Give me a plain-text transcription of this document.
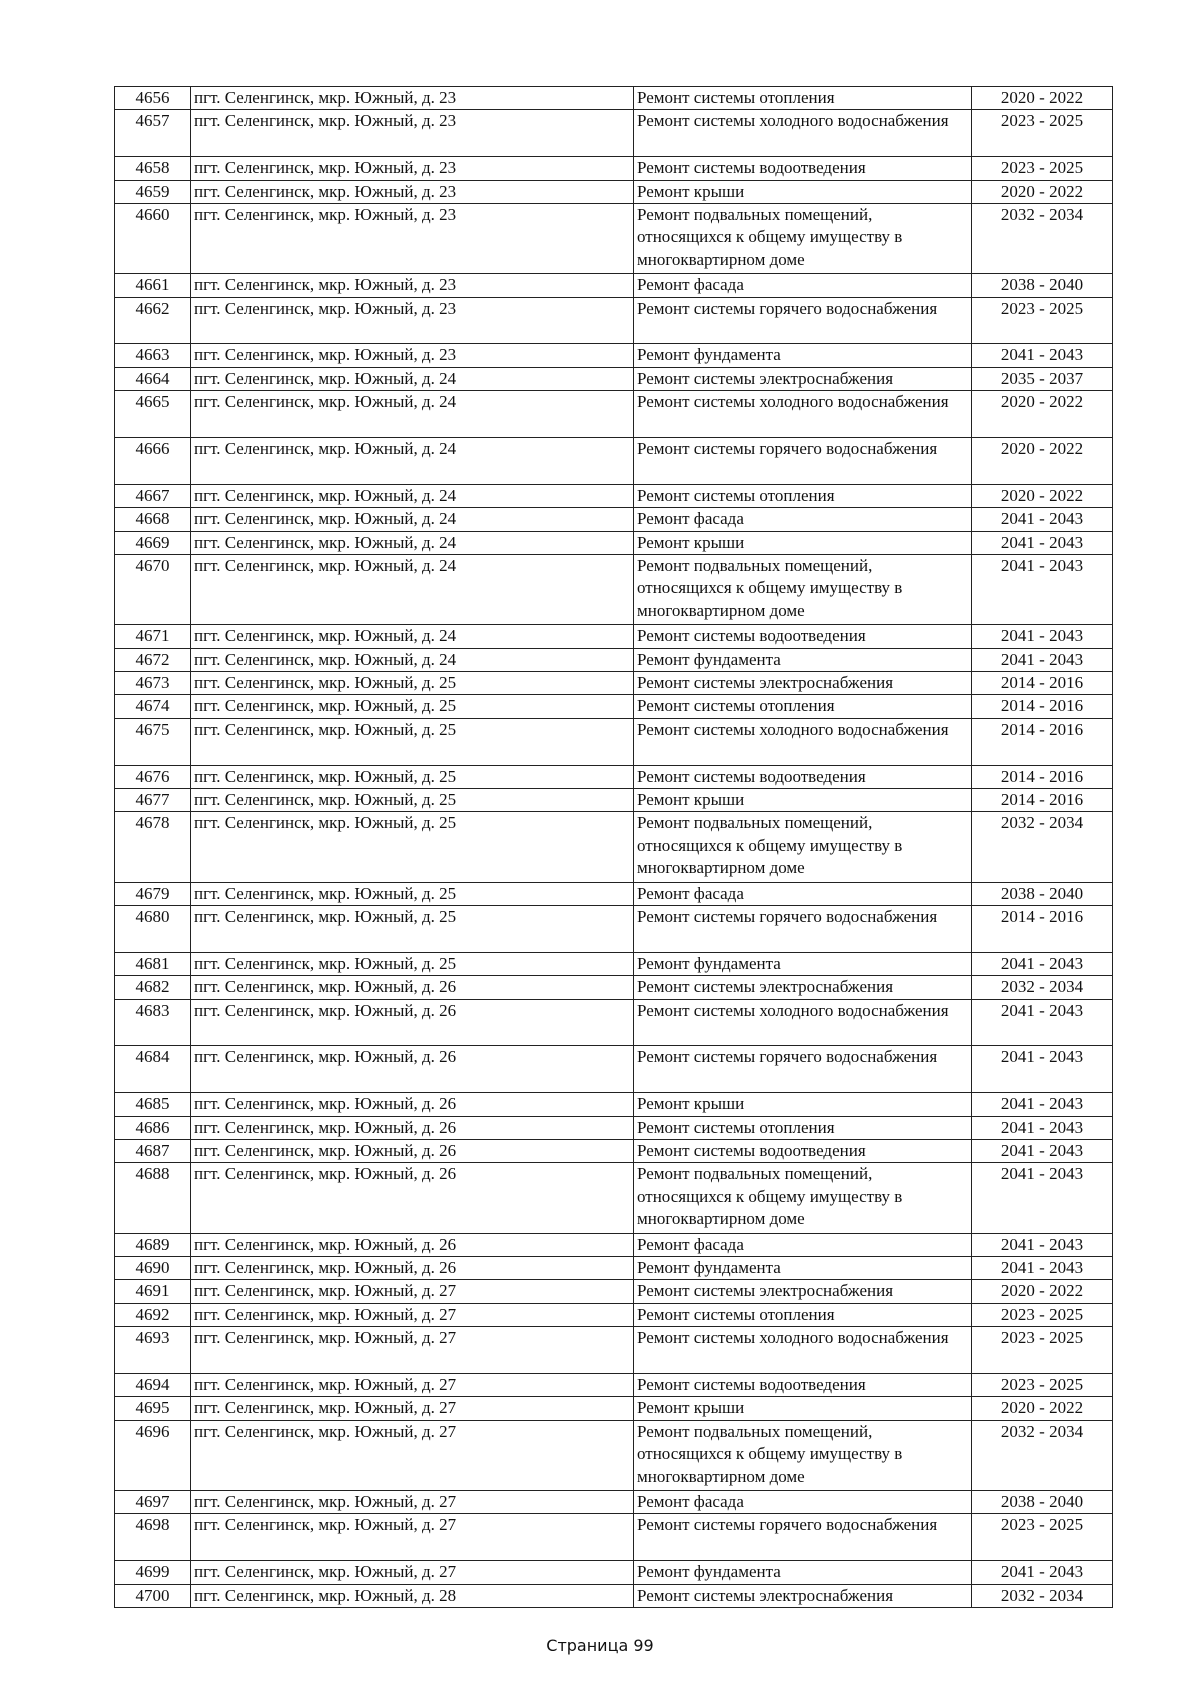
4656	пгт. Селенгинск, мкр. Южный, д. 23	Ремонт системы отопления	2020 - 2022
4657	пгт. Селенгинск, мкр. Южный, д. 23	Ремонт системы холодного водоснабжения	2023 - 2025
4658	пгт. Селенгинск, мкр. Южный, д. 23	Ремонт системы водоотведения	2023 - 2025
4659	пгт. Селенгинск, мкр. Южный, д. 23	Ремонт крыши	2020 - 2022
4660	пгт. Селенгинск, мкр. Южный, д. 23	Ремонт подвальных помещений,
относящихся к общему имуществу в
многоквартирном доме	2032 - 2034
4661	пгт. Селенгинск, мкр. Южный, д. 23	Ремонт фасада	2038 - 2040
4662	пгт. Селенгинск, мкр. Южный, д. 23	Ремонт системы горячего водоснабжения	2023 - 2025
4663	пгт. Селенгинск, мкр. Южный, д. 23	Ремонт фундамента	2041 - 2043
4664	пгт. Селенгинск, мкр. Южный, д. 24	Ремонт системы электроснабжения	2035 - 2037
4665	пгт. Селенгинск, мкр. Южный, д. 24	Ремонт системы холодного водоснабжения	2020 - 2022
4666	пгт. Селенгинск, мкр. Южный, д. 24	Ремонт системы горячего водоснабжения	2020 - 2022
4667	пгт. Селенгинск, мкр. Южный, д. 24	Ремонт системы отопления	2020 - 2022
4668	пгт. Селенгинск, мкр. Южный, д. 24	Ремонт фасада	2041 - 2043
4669	пгт. Селенгинск, мкр. Южный, д. 24	Ремонт крыши	2041 - 2043
4670	пгт. Селенгинск, мкр. Южный, д. 24	Ремонт подвальных помещений,
относящихся к общему имуществу в
многоквартирном доме	2041 - 2043
4671	пгт. Селенгинск, мкр. Южный, д. 24	Ремонт системы водоотведения	2041 - 2043
4672	пгт. Селенгинск, мкр. Южный, д. 24	Ремонт фундамента	2041 - 2043
4673	пгт. Селенгинск, мкр. Южный, д. 25	Ремонт системы электроснабжения	2014 - 2016
4674	пгт. Селенгинск, мкр. Южный, д. 25	Ремонт системы отопления	2014 - 2016
4675	пгт. Селенгинск, мкр. Южный, д. 25	Ремонт системы холодного водоснабжения	2014 - 2016
4676	пгт. Селенгинск, мкр. Южный, д. 25	Ремонт системы водоотведения	2014 - 2016
4677	пгт. Селенгинск, мкр. Южный, д. 25	Ремонт крыши	2014 - 2016
4678	пгт. Селенгинск, мкр. Южный, д. 25	Ремонт подвальных помещений,
относящихся к общему имуществу в
многоквартирном доме	2032 - 2034
4679	пгт. Селенгинск, мкр. Южный, д. 25	Ремонт фасада	2038 - 2040
4680	пгт. Селенгинск, мкр. Южный, д. 25	Ремонт системы горячего водоснабжения	2014 - 2016
4681	пгт. Селенгинск, мкр. Южный, д. 25	Ремонт фундамента	2041 - 2043
4682	пгт. Селенгинск, мкр. Южный, д. 26	Ремонт системы электроснабжения	2032 - 2034
4683	пгт. Селенгинск, мкр. Южный, д. 26	Ремонт системы холодного водоснабжения	2041 - 2043
4684	пгт. Селенгинск, мкр. Южный, д. 26	Ремонт системы горячего водоснабжения	2041 - 2043
4685	пгт. Селенгинск, мкр. Южный, д. 26	Ремонт крыши	2041 - 2043
4686	пгт. Селенгинск, мкр. Южный, д. 26	Ремонт системы отопления	2041 - 2043
4687	пгт. Селенгинск, мкр. Южный, д. 26	Ремонт системы водоотведения	2041 - 2043
4688	пгт. Селенгинск, мкр. Южный, д. 26	Ремонт подвальных помещений,
относящихся к общему имуществу в
многоквартирном доме	2041 - 2043
4689	пгт. Селенгинск, мкр. Южный, д. 26	Ремонт фасада	2041 - 2043
4690	пгт. Селенгинск, мкр. Южный, д. 26	Ремонт фундамента	2041 - 2043
4691	пгт. Селенгинск, мкр. Южный, д. 27	Ремонт системы электроснабжения	2020 - 2022
4692	пгт. Селенгинск, мкр. Южный, д. 27	Ремонт системы отопления	2023 - 2025
4693	пгт. Селенгинск, мкр. Южный, д. 27	Ремонт системы холодного водоснабжения	2023 - 2025
4694	пгт. Селенгинск, мкр. Южный, д. 27	Ремонт системы водоотведения	2023 - 2025
4695	пгт. Селенгинск, мкр. Южный, д. 27	Ремонт крыши	2020 - 2022
4696	пгт. Селенгинск, мкр. Южный, д. 27	Ремонт подвальных помещений,
относящихся к общему имуществу в
многоквартирном доме	2032 - 2034
4697	пгт. Селенгинск, мкр. Южный, д. 27	Ремонт фасада	2038 - 2040
4698	пгт. Селенгинск, мкр. Южный, д. 27	Ремонт системы горячего водоснабжения	2023 - 2025
4699	пгт. Селенгинск, мкр. Южный, д. 27	Ремонт фундамента	2041 - 2043
4700	пгт. Селенгинск, мкр. Южный, д. 28	Ремонт системы электроснабжения	2032 - 2034
Страница 99
